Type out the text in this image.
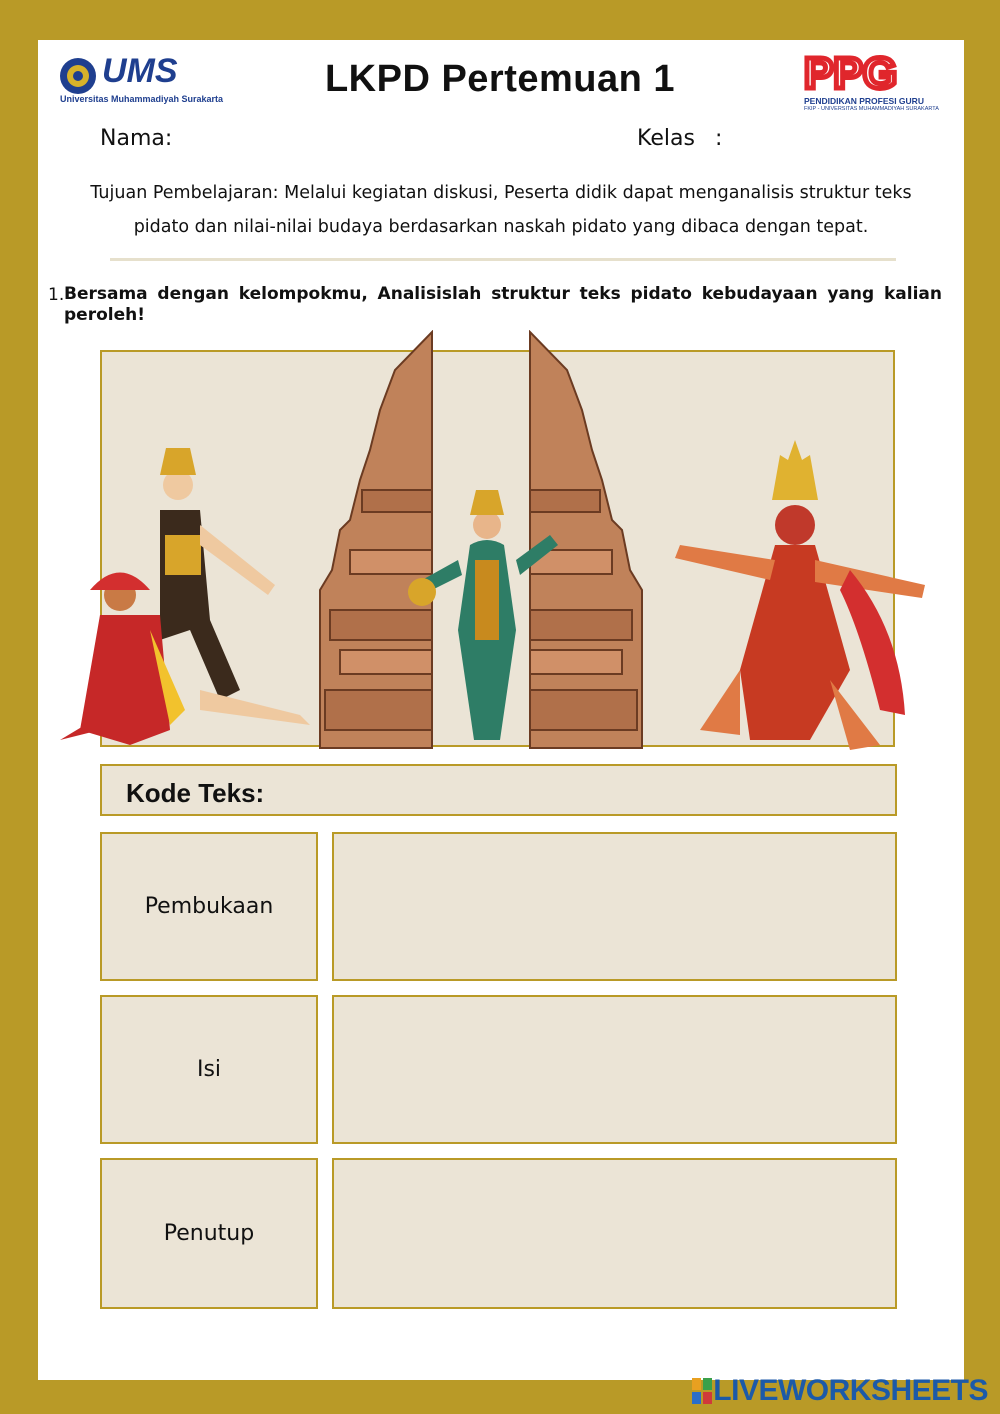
UMS
Universitas Muhammadiyah Surakarta	LKPD Pertemuan 1	PPG
PENDIDIKAN PROFESI GURU
FKIP - UNIVERSITAS MUHAMMADIYAH SURAKARTA
Nama:	Kelas :
Tujuan Pembelajaran: Melalui kegiatan diskusi, Peserta didik dapat menganalisis struktur teks
pidato dan nilai-nilai budaya berdasarkan naskah pidato yang dibaca dengan tepat.
1. Bersama dengan kelompokmu, Analisislah struktur teks pidato kebudayaan yang kalian peroleh!
Kode Teks:
Pembukaan
Isi
Penutup
LIVEWORKSHEETS
